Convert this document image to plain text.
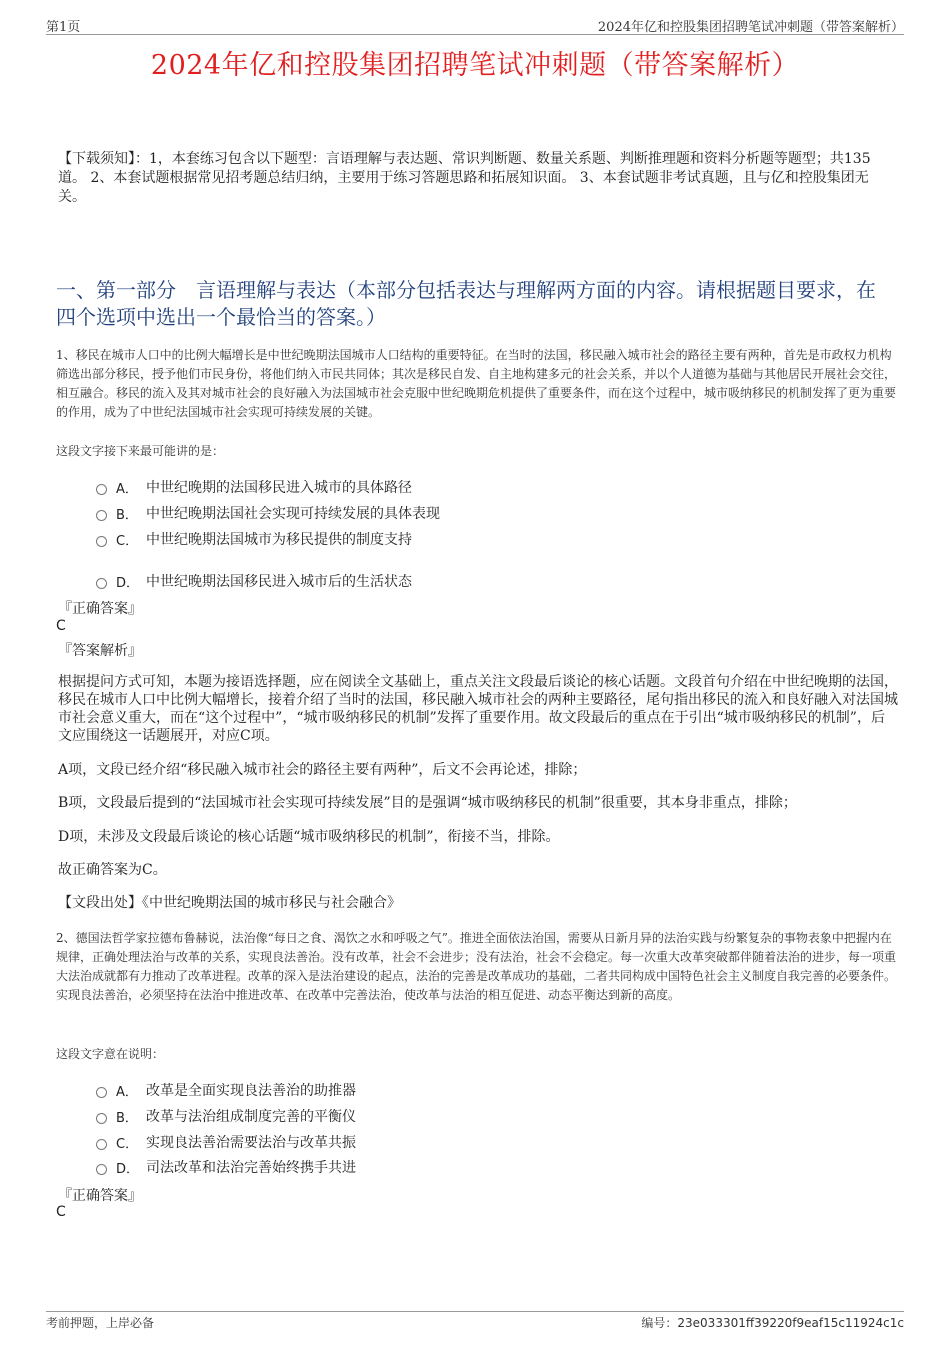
第1页	2024年亿和控股集团招聘笔试冲刺题（带答案解析）
2024年亿和控股集团招聘笔试冲刺题（带答案解析）
【下载须知】：1，本套练习包含以下题型：言语理解与表达题、常识判断题、数量关系题、判断推理题和资料分析题等题型；共135道。 2、本套试题根据常见招考题总结归纳，主要用于练习答题思路和拓展知识面。 3、本套试题非考试真题，且与亿和控股集团无关。
一、第一部分　言语理解与表达（本部分包括表达与理解两方面的内容。请根据题目要求，在四个选项中选出一个最恰当的答案。）
1、移民在城市人口中的比例大幅增长是中世纪晚期法国城市人口结构的重要特征。在当时的法国，移民融入城市社会的路径主要有两种，首先是市政权力机构筛选出部分移民，授予他们市民身份，将他们纳入市民共同体；其次是移民自发、自主地构建多元的社会关系，并以个人道德为基础与其他居民开展社会交往，相互融合。移民的流入及其对城市社会的良好融入为法国城市社会克服中世纪晚期危机提供了重要条件，而在这个过程中，城市吸纳移民的机制发挥了更为重要的作用，成为了中世纪法国城市社会实现可持续发展的关键。
这段文字接下来最可能讲的是：
A． 中世纪晚期的法国移民进入城市的具体路径
B． 中世纪晚期法国社会实现可持续发展的具体表现
C． 中世纪晚期法国城市为移民提供的制度支持
D． 中世纪晚期法国移民进入城市后的生活状态
『正确答案』
C
『答案解析』
根据提问方式可知，本题为接语选择题，应在阅读全文基础上，重点关注文段最后谈论的核心话题。文段首句介绍在中世纪晚期的法国，移民在城市人口中比例大幅增长，接着介绍了当时的法国，移民融入城市社会的两种主要路径，尾句指出移民的流入和良好融入对法国城市社会意义重大，而在“这个过程中”，“城市吸纳移民的机制”发挥了重要作用。故文段最后的重点在于引出“城市吸纳移民的机制”，后文应围绕这一话题展开，对应C项。
A项，文段已经介绍“移民融入城市社会的路径主要有两种”，后文不会再论述，排除；
B项，文段最后提到的“法国城市社会实现可持续发展”目的是强调“城市吸纳移民的机制”很重要，其本身非重点，排除；
D项，未涉及文段最后谈论的核心话题“城市吸纳移民的机制”，衔接不当，排除。
故正确答案为C。
【文段出处】《中世纪晚期法国的城市移民与社会融合》
2、德国法哲学家拉德布鲁赫说，法治像“每日之食、渴饮之水和呼吸之气”。推进全面依法治国，需要从日新月异的法治实践与纷繁复杂的事物表象中把握内在规律，正确处理法治与改革的关系，实现良法善治。没有改革，社会不会进步；没有法治，社会不会稳定。每一次重大改革突破都伴随着法治的进步，每一项重大法治成就都有力推动了改革进程。改革的深入是法治建设的起点，法治的完善是改革成功的基础，二者共同构成中国特色社会主义制度自我完善的必要条件。实现良法善治，必须坚持在法治中推进改革、在改革中完善法治，使改革与法治的相互促进、动态平衡达到新的高度。
这段文字意在说明：
A． 改革是全面实现良法善治的助推器
B． 改革与法治组成制度完善的平衡仪
C． 实现良法善治需要法治与改革共振
D． 司法改革和法治完善始终携手共进
『正确答案』
C
考前押题，上岸必备	编号：23e033301ff39220f9eaf15c11924c1c
